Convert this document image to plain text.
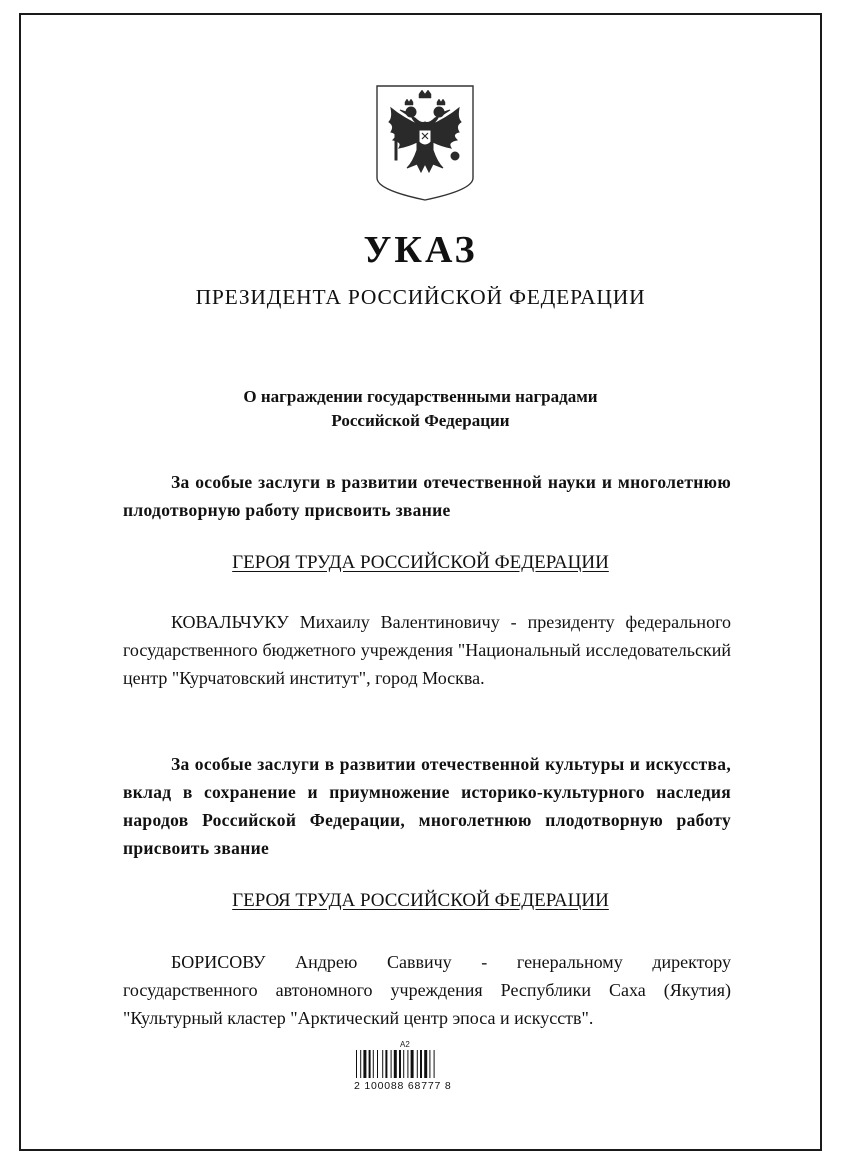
УКАЗ
ПРЕЗИДЕНТА РОССИЙСКОЙ ФЕДЕРАЦИИ
О награждении государственными наградами
Российской Федерации

За особые заслуги в развитии отечественной науки и многолетнюю плодотворную работу присвоить звание

ГЕРОЯ ТРУДА РОССИЙСКОЙ ФЕДЕРАЦИИ

КОВАЛЬЧУКУ Михаилу Валентиновичу - президенту федерального государственного бюджетного учреждения "Национальный исследовательский центр "Курчатовский институт", город Москва.

За особые заслуги в развитии отечественной культуры и искусства, вклад в сохранение и приумножение историко-культурного наследия народов Российской Федерации, многолетнюю плодотворную работу присвоить звание

ГЕРОЯ ТРУДА РОССИЙСКОЙ ФЕДЕРАЦИИ

БОРИСОВУ Андрею Саввичу - генеральному директору государственного автономного учреждения Республики Саха (Якутия) "Культурный кластер "Арктический центр эпоса и искусств".

A2
2 100088 68777 8
